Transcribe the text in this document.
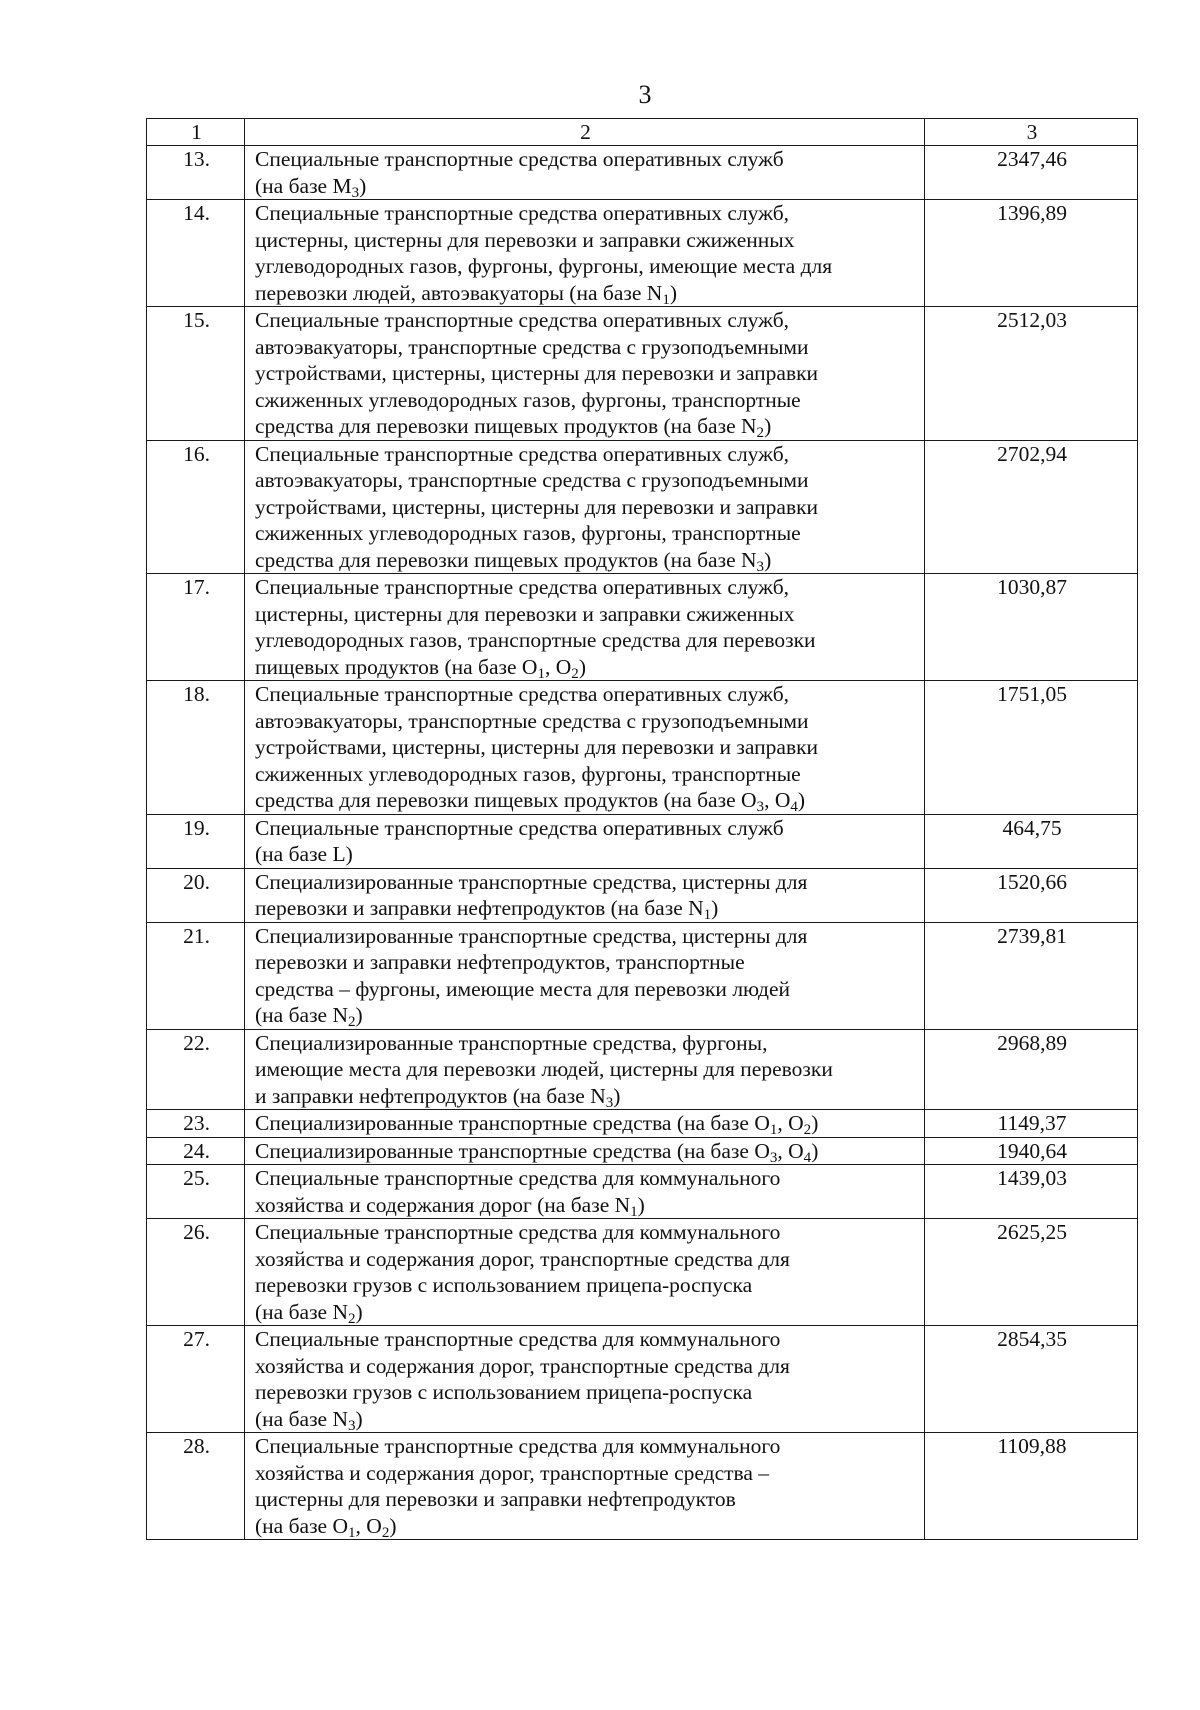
3
1	2	3
13.	Специальные транспортные средства оперативных служб
(на базе $M_3$)	2347,46
14.	Специальные транспортные средства оперативных служб,
цистерны, цистерны для перевозки и заправки сжиженных
углеводородных газов, фургоны, фургоны, имеющие места для
перевозки людей, автоэвакуаторы (на базе $N_1$)	1396,89
15.	Специальные транспортные средства оперативных служб,
автоэвакуаторы, транспортные средства с грузоподъемными
устройствами, цистерны, цистерны для перевозки и заправки
сжиженных углеводородных газов, фургоны, транспортные
средства для перевозки пищевых продуктов (на базе $N_2$)	2512,03
16.	Специальные транспортные средства оперативных служб,
автоэвакуаторы, транспортные средства с грузоподъемными
устройствами, цистерны, цистерны для перевозки и заправки
сжиженных углеводородных газов, фургоны, транспортные
средства для перевозки пищевых продуктов (на базе $N_3$)	2702,94
17.	Специальные транспортные средства оперативных служб,
цистерны, цистерны для перевозки и заправки сжиженных
углеводородных газов, транспортные средства для перевозки
пищевых продуктов (на базе $O_1$, $O_2$)	1030,87
18.	Специальные транспортные средства оперативных служб,
автоэвакуаторы, транспортные средства с грузоподъемными
устройствами, цистерны, цистерны для перевозки и заправки
сжиженных углеводородных газов, фургоны, транспортные
средства для перевозки пищевых продуктов (на базе $O_3$, $O_4$)	1751,05
19.	Специальные транспортные средства оперативных служб
(на базе L)	464,75
20.	Специализированные транспортные средства, цистерны для
перевозки и заправки нефтепродуктов (на базе $N_1$)	1520,66
21.	Специализированные транспортные средства, цистерны для
перевозки и заправки нефтепродуктов, транспортные
средства – фургоны, имеющие места для перевозки людей
(на базе $N_2$)	2739,81
22.	Специализированные транспортные средства, фургоны,
имеющие места для перевозки людей, цистерны для перевозки
и заправки нефтепродуктов (на базе $N_3$)	2968,89
23.	Специализированные транспортные средства (на базе $O_1$, $O_2$)	1149,37
24.	Специализированные транспортные средства (на базе $O_3$, $O_4$)	1940,64
25.	Специальные транспортные средства для коммунального
хозяйства и содержания дорог (на базе $N_1$)	1439,03
26.	Специальные транспортные средства для коммунального
хозяйства и содержания дорог, транспортные средства для
перевозки грузов с использованием прицепа-роспуска
(на базе $N_2$)	2625,25
27.	Специальные транспортные средства для коммунального
хозяйства и содержания дорог, транспортные средства для
перевозки грузов с использованием прицепа-роспуска
(на базе $N_3$)	2854,35
28.	Специальные транспортные средства для коммунального
хозяйства и содержания дорог, транспортные средства –
цистерны для перевозки и заправки нефтепродуктов
(на базе $O_1$, $O_2$)	1109,88
